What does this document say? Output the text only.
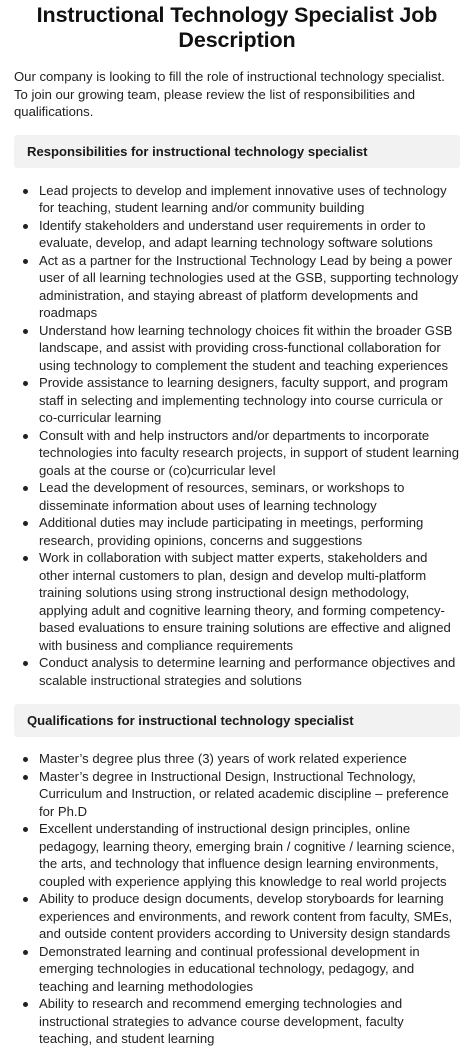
Instructional Technology Specialist Job Description

Our company is looking to fill the role of instructional technology specialist. To join our growing team, please review the list of responsibilities and qualifications.

Responsibilities for instructional technology specialist
Lead projects to develop and implement innovative uses of technology for teaching, student learning and/or community building
Identify stakeholders and understand user requirements in order to evaluate, develop, and adapt learning technology software solutions
Act as a partner for the Instructional Technology Lead by being a power user of all learning technologies used at the GSB, supporting technology administration, and staying abreast of platform developments and roadmaps
Understand how learning technology choices fit within the broader GSB landscape, and assist with providing cross-functional collaboration for using technology to complement the student and teaching experiences
Provide assistance to learning designers, faculty support, and program staff in selecting and implementing technology into course curricula or co-curricular learning
Consult with and help instructors and/or departments to incorporate technologies into faculty research projects, in support of student learning goals at the course or (co)curricular level
Lead the development of resources, seminars, or workshops to disseminate information about uses of learning technology
Additional duties may include participating in meetings, performing research, providing opinions, concerns and suggestions
Work in collaboration with subject matter experts, stakeholders and other internal customers to plan, design and develop multi-platform training solutions using strong instructional design methodology, applying adult and cognitive learning theory, and forming competency-based evaluations to ensure training solutions are effective and aligned with business and compliance requirements
Conduct analysis to determine learning and performance objectives and scalable instructional strategies and solutions
Qualifications for instructional technology specialist
Master’s degree plus three (3) years of work related experience
Master’s degree in Instructional Design, Instructional Technology, Curriculum and Instruction, or related academic discipline – preference for Ph.D
Excellent understanding of instructional design principles, online pedagogy, learning theory, emerging brain / cognitive / learning science, the arts, and technology that influence design learning environments, coupled with experience applying this knowledge to real world projects
Ability to produce design documents, develop storyboards for learning experiences and environments, and rework content from faculty, SMEs, and outside content providers according to University design standards
Demonstrated learning and continual professional development in emerging technologies in educational technology, pedagogy, and teaching and learning methodologies
Ability to research and recommend emerging technologies and instructional strategies to advance course development, faculty teaching, and student learning
